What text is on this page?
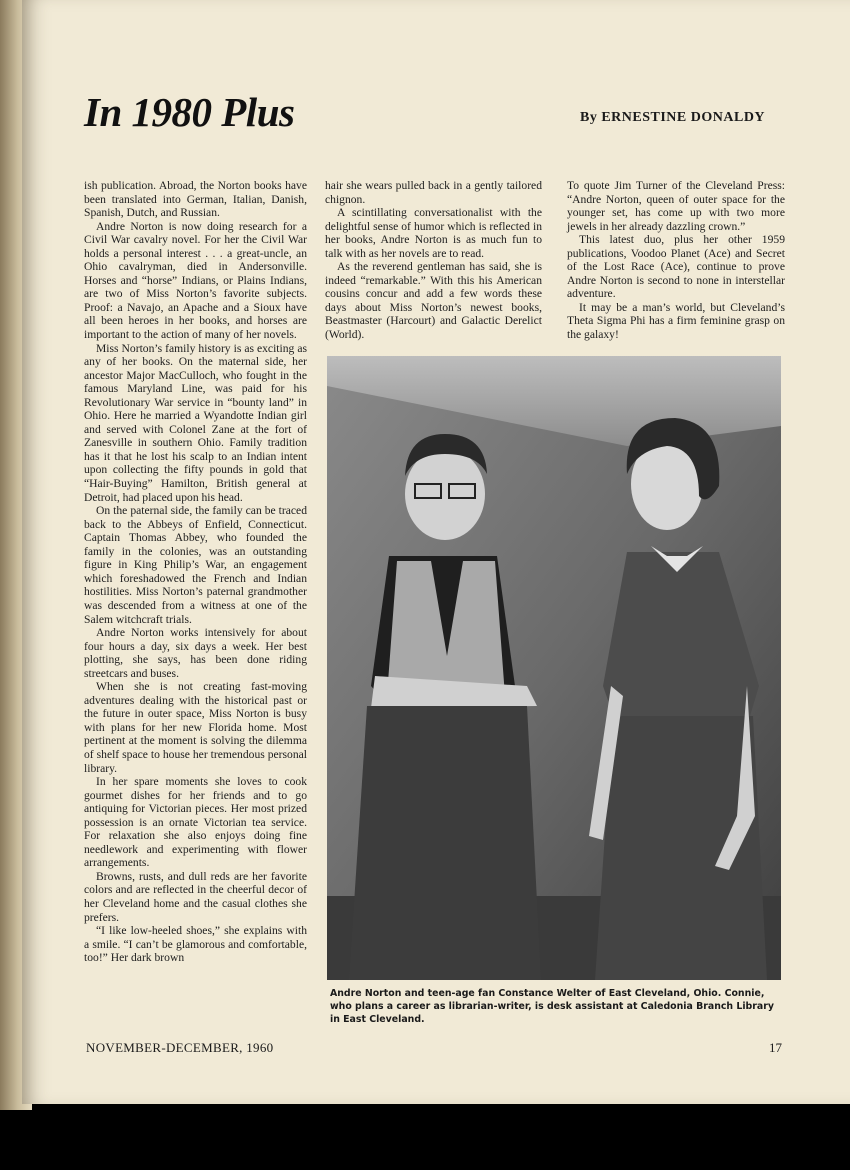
In 1980 Plus	By ERNESTINE DONALDY

ish publication. Abroad, the Norton books have been translated into German, Italian, Danish, Spanish, Dutch, and Russian.

Andre Norton is now doing research for a Civil War cavalry novel. For her the Civil War holds a personal interest . . . a great-uncle, an Ohio cavalryman, died in Andersonville. Horses and “horse” Indians, or Plains Indians, are two of Miss Norton’s favorite subjects. Proof: a Navajo, an Apache and a Sioux have all been heroes in her books, and horses are important to the action of many of her novels.

Miss Norton’s family history is as exciting as any of her books. On the maternal side, her ancestor Major MacCulloch, who fought in the famous Maryland Line, was paid for his Revolutionary War service in “bounty land” in Ohio. Here he married a Wyandotte Indian girl and served with Colonel Zane at the fort of Zanesville in southern Ohio. Family tradition has it that he lost his scalp to an Indian intent upon collecting the fifty pounds in gold that “Hair-Buying” Hamilton, British general at Detroit, had placed upon his head.

On the paternal side, the family can be traced back to the Abbeys of Enfield, Connecticut. Captain Thomas Abbey, who founded the family in the colonies, was an outstanding figure in King Philip’s War, an engagement which foreshadowed the French and Indian hostilities. Miss Norton’s paternal grandmother was descended from a witness at one of the Salem witchcraft trials.

Andre Norton works intensively for about four hours a day, six days a week. Her best plotting, she says, has been done riding streetcars and buses.

When she is not creating fast-moving adventures dealing with the historical past or the future in outer space, Miss Norton is busy with plans for her new Florida home. Most pertinent at the moment is solving the dilemma of shelf space to house her tremendous personal library.

In her spare moments she loves to cook gourmet dishes for her friends and to go antiquing for Victorian pieces. Her most prized possession is an ornate Victorian tea service. For relaxation she also enjoys doing fine needlework and experimenting with flower arrangements.

Browns, rusts, and dull reds are her favorite colors and are reflected in the cheerful decor of her Cleveland home and the casual clothes she prefers.

“I like low-heeled shoes,” she explains with a smile. “I can’t be glamorous and comfortable, too!” Her dark brown

hair she wears pulled back in a gently tailored chignon.

A scintillating conversationalist with the delightful sense of humor which is reflected in her books, Andre Norton is as much fun to talk with as her novels are to read.

As the reverend gentleman has said, she is indeed “remarkable.” With this his American cousins concur and add a few words these days about Miss Norton’s newest books, Beastmaster (Harcourt) and Galactic Derelict (World).

To quote Jim Turner of the Cleveland Press: “Andre Norton, queen of outer space for the younger set, has come up with two more jewels in her already dazzling crown.”

This latest duo, plus her other 1959 publications, Voodoo Planet (Ace) and Secret of the Lost Race (Ace), continue to prove Andre Norton is second to none in interstellar adventure.

It may be a man’s world, but Cleveland’s Theta Sigma Phi has a firm feminine grasp on the galaxy!

Andre Norton and teen-age fan Constance Welter of East Cleveland, Ohio. Connie, who plans a career as librarian-writer, is desk assistant at Caledonia Branch Library in East Cleveland.

NOVEMBER-DECEMBER, 1960	17
